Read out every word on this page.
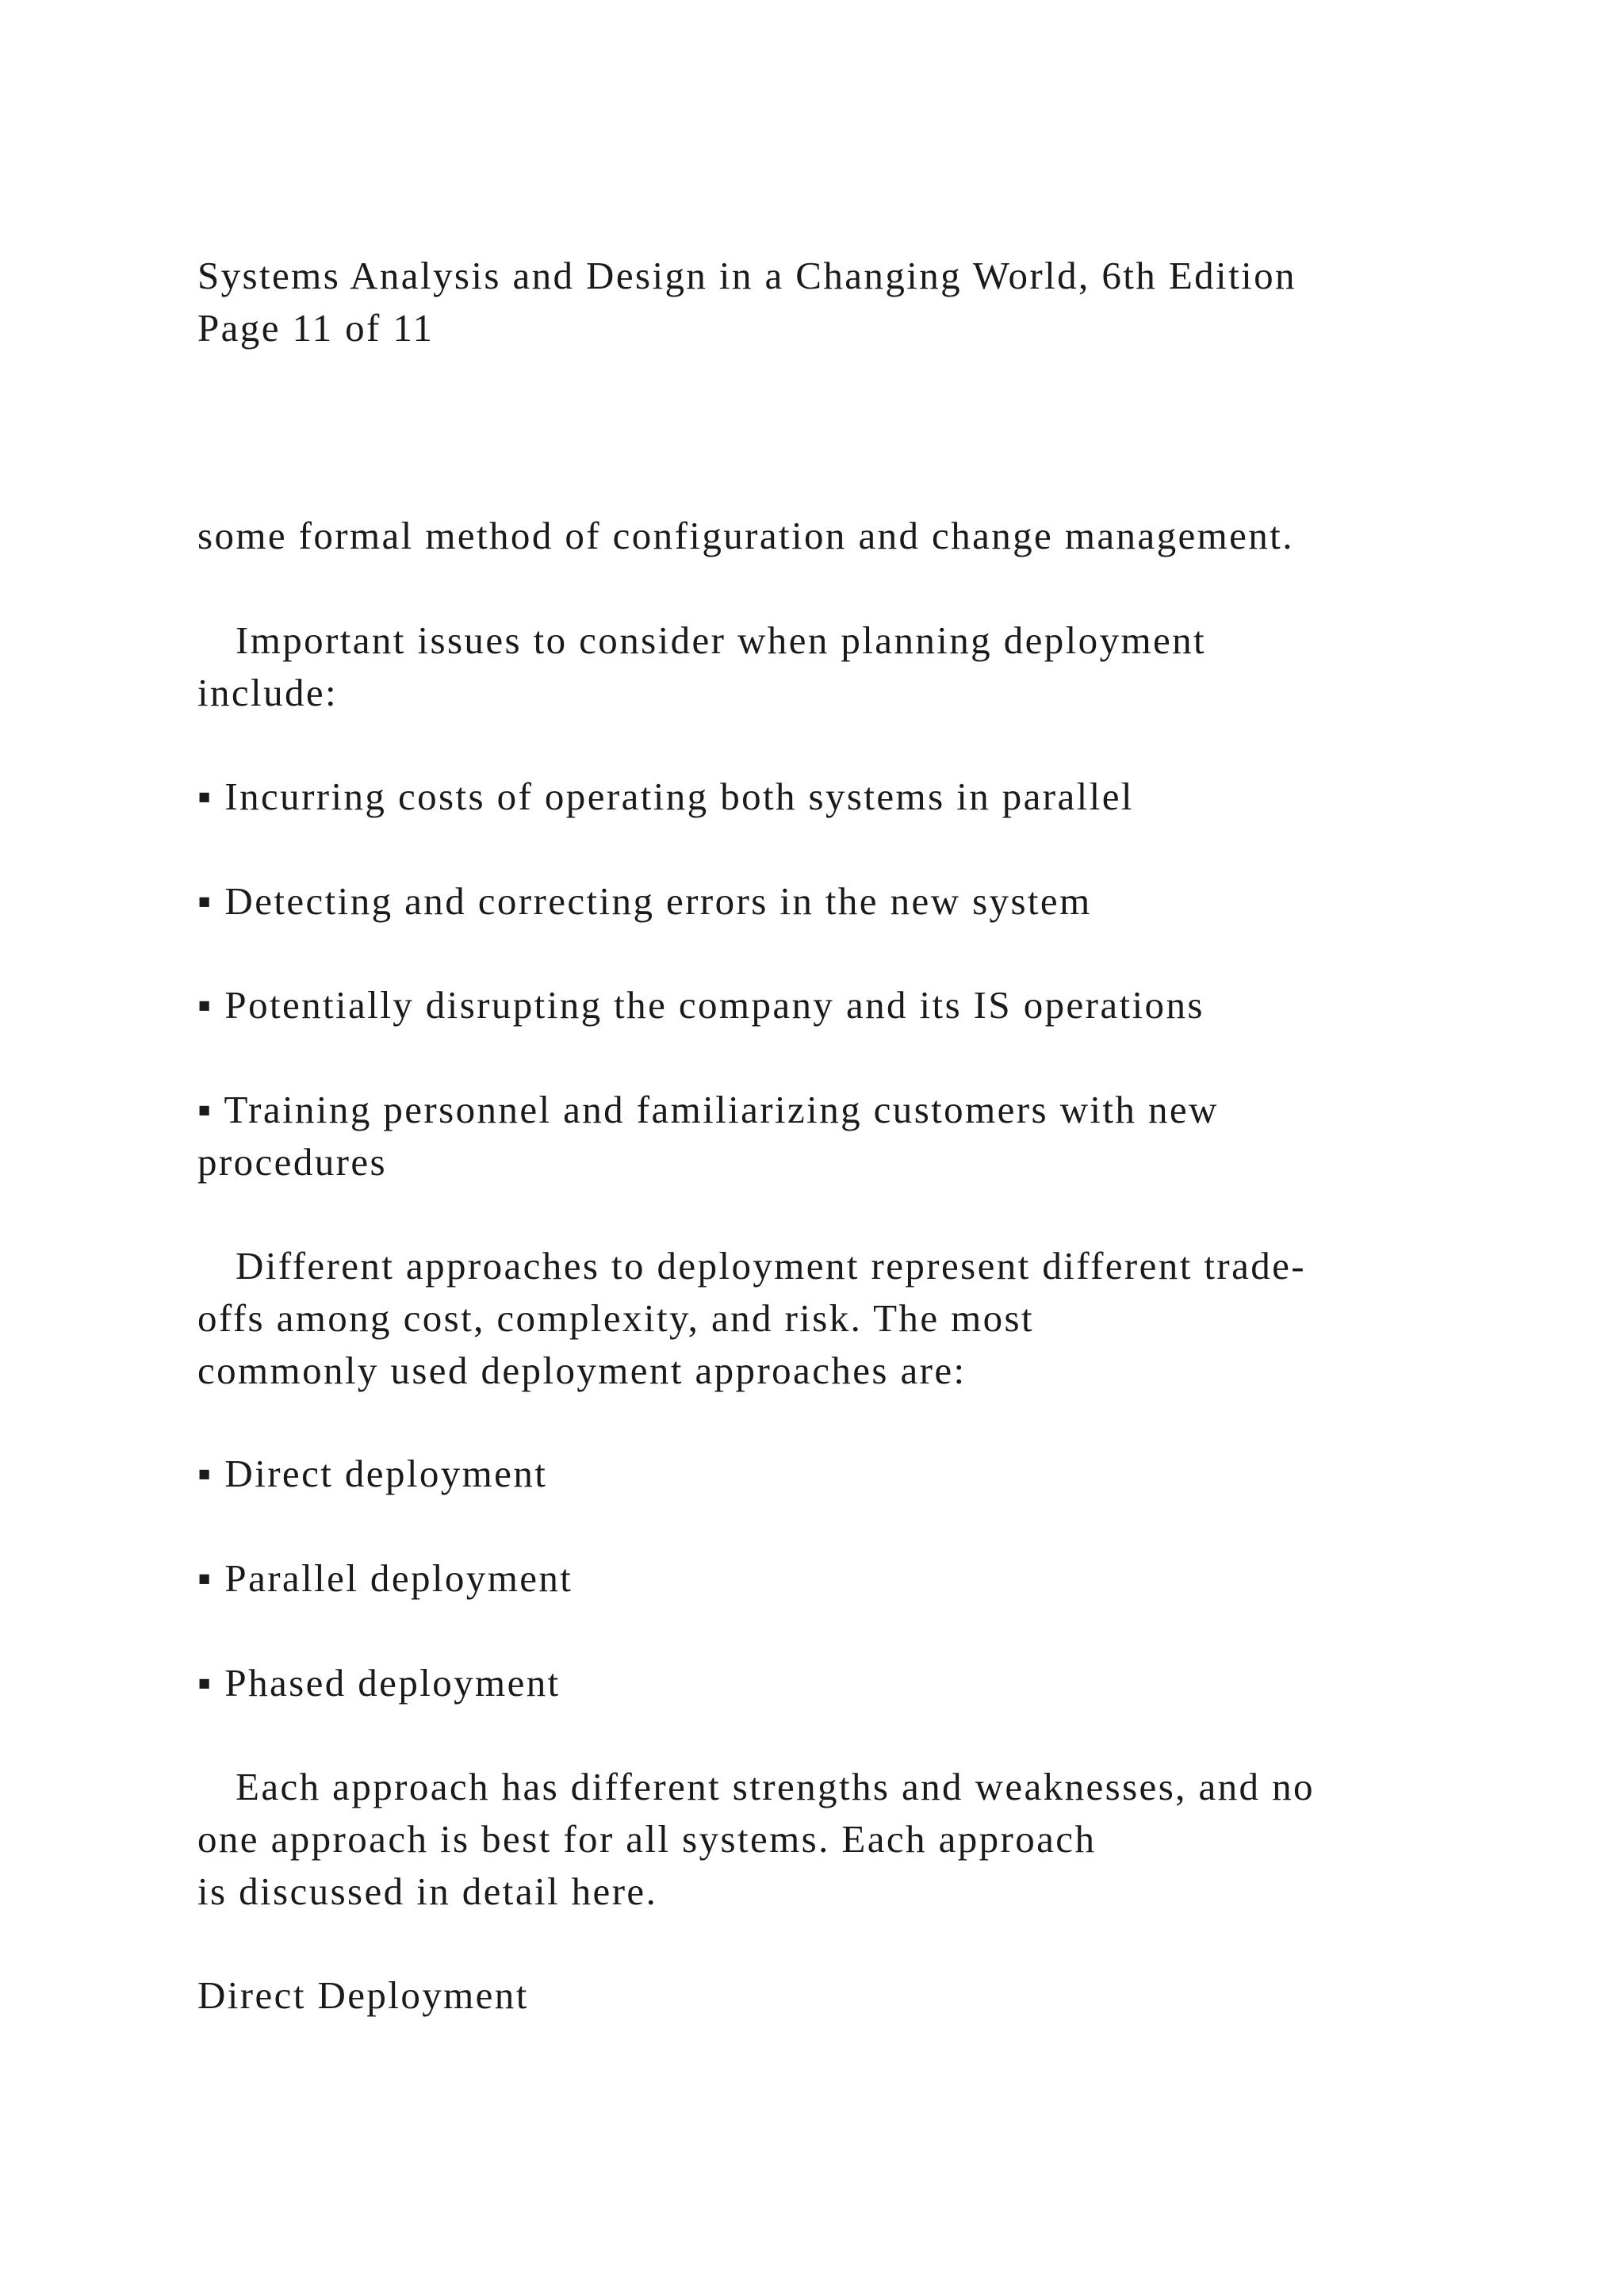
Systems Analysis and Design in a Changing World, 6th Edition
Page 11 of 11
some formal method of configuration and change management.
Important issues to consider when planning deployment
include:
▪ Incurring costs of operating both systems in parallel
▪ Detecting and correcting errors in the new system
▪ Potentially disrupting the company and its IS operations
▪ Training personnel and familiarizing customers with new
procedures
Different approaches to deployment represent different trade-
offs among cost, complexity, and risk. The most
commonly used deployment approaches are:
▪ Direct deployment
▪ Parallel deployment
▪ Phased deployment
Each approach has different strengths and weaknesses, and no
one approach is best for all systems. Each approach
is discussed in detail here.
Direct Deployment
